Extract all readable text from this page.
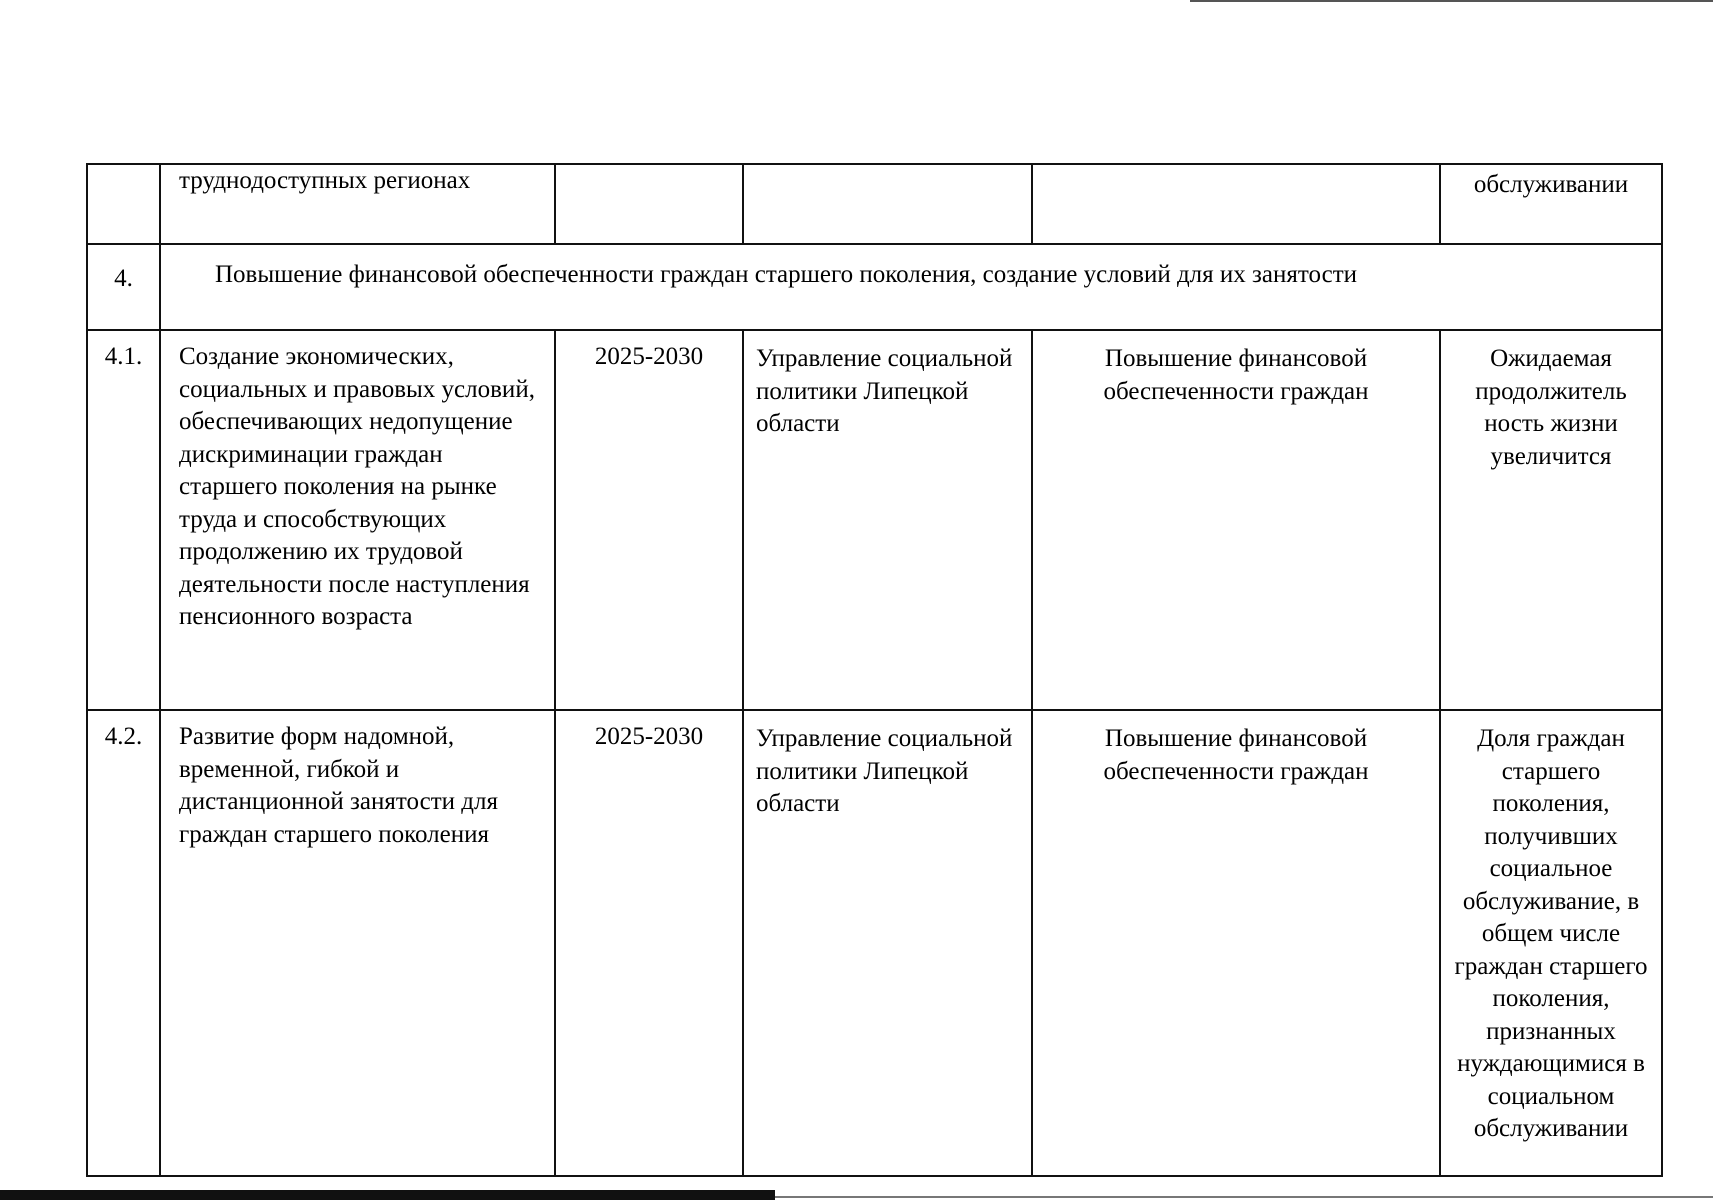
	труднодоступных регионах				обслуживании
4.	Повышение финансовой обеспеченности граждан старшего поколения, создание условий для их занятости				
4.1.	Создание экономических, социальных и правовых условий, обеспечивающих недопущение дискриминации граждан старшего поколения на рынке труда и способствующих продолжению их трудовой деятельности после наступления пенсионного возраста	2025-2030	Управление социальной политики Липецкой области	Повышение финансовой обеспеченности граждан	Ожидаемая продолжитель ность жизни увеличится
4.2.	Развитие форм надомной, временной, гибкой и дистанционной занятости для граждан старшего поколения	2025-2030	Управление социальной политики Липецкой области	Повышение финансовой обеспеченности граждан	Доля граждан старшего поколения, получивших социальное обслуживание, в общем числе граждан старшего поколения, признанных нуждающимися в социальном обслуживании
